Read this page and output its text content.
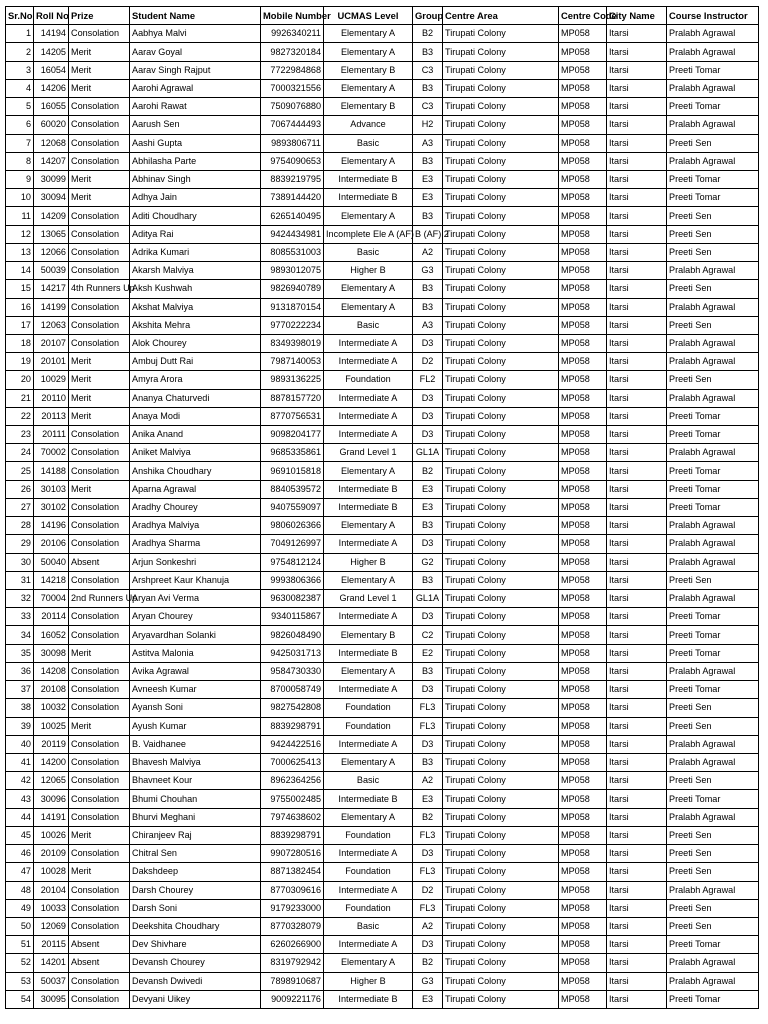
Sr.No	Roll No	Prize	Student Name	Mobile Number	UCMAS Level	Group	Centre Area	Centre Code	City Name	Course Instructor
1	14194	Consolation	Aabhya Malvi	9926340211	Elementary A	B2	Tirupati Colony	MP058	Itarsi	Pralabh Agrawal
2	14205	Merit	Aarav Goyal	9827320184	Elementary A	B3	Tirupati Colony	MP058	Itarsi	Pralabh Agrawal
3	16054	Merit	Aarav Singh Rajput	7722984868	Elementary B	C3	Tirupati Colony	MP058	Itarsi	Preeti Tomar
4	14206	Merit	Aarohi Agrawal	7000321556	Elementary A	B3	Tirupati Colony	MP058	Itarsi	Pralabh Agrawal
5	16055	Consolation	Aarohi Rawat	7509076880	Elementary B	C3	Tirupati Colony	MP058	Itarsi	Preeti Tomar
6	60020	Consolation	Aarush Sen	7067444493	Advance	H2	Tirupati Colony	MP058	Itarsi	Pralabh Agrawal
7	12068	Consolation	Aashi Gupta	9893806711	Basic	A3	Tirupati Colony	MP058	Itarsi	Preeti Sen
8	14207	Consolation	Abhilasha Parte	9754090653	Elementary A	B3	Tirupati Colony	MP058	Itarsi	Pralabh Agrawal
9	30099	Merit	Abhinav Singh	8839219795	Intermediate B	E3	Tirupati Colony	MP058	Itarsi	Preeti Tomar
10	30094	Merit	Adhya Jain	7389144420	Intermediate B	E3	Tirupati Colony	MP058	Itarsi	Preeti Tomar
11	14209	Consolation	Aditi Choudhary	6265140495	Elementary A	B3	Tirupati Colony	MP058	Itarsi	Preeti Sen
12	13065	Consolation	Aditya Rai	9424434981	Incomplete Ele A (AF)	B (AF) 2	Tirupati Colony	MP058	Itarsi	Preeti Sen
13	12066	Consolation	Adrika Kumari	8085531003	Basic	A2	Tirupati Colony	MP058	Itarsi	Preeti Sen
14	50039	Consolation	Akarsh Malviya	9893012075	Higher B	G3	Tirupati Colony	MP058	Itarsi	Pralabh Agrawal
15	14217	4th Runners Up	Aksh Kushwah	9826940789	Elementary A	B3	Tirupati Colony	MP058	Itarsi	Preeti Sen
16	14199	Consolation	Akshat Malviya	9131870154	Elementary A	B3	Tirupati Colony	MP058	Itarsi	Pralabh Agrawal
17	12063	Consolation	Akshita Mehra	9770222234	Basic	A3	Tirupati Colony	MP058	Itarsi	Preeti Sen
18	20107	Consolation	Alok Chourey	8349398019	Intermediate A	D3	Tirupati Colony	MP058	Itarsi	Pralabh Agrawal
19	20101	Merit	Ambuj Dutt Rai	7987140053	Intermediate A	D2	Tirupati Colony	MP058	Itarsi	Pralabh Agrawal
20	10029	Merit	Amyra Arora	9893136225	Foundation	FL2	Tirupati Colony	MP058	Itarsi	Preeti Sen
21	20110	Merit	Ananya Chaturvedi	8878157720	Intermediate A	D3	Tirupati Colony	MP058	Itarsi	Pralabh Agrawal
22	20113	Merit	Anaya Modi	8770756531	Intermediate A	D3	Tirupati Colony	MP058	Itarsi	Preeti Tomar
23	20111	Consolation	Anika Anand	9098204177	Intermediate A	D3	Tirupati Colony	MP058	Itarsi	Preeti Tomar
24	70002	Consolation	Aniket Malviya	9685335861	Grand Level 1	GL1A	Tirupati Colony	MP058	Itarsi	Pralabh Agrawal
25	14188	Consolation	Anshika Choudhary	9691015818	Elementary A	B2	Tirupati Colony	MP058	Itarsi	Preeti Tomar
26	30103	Merit	Aparna Agrawal	8840539572	Intermediate B	E3	Tirupati Colony	MP058	Itarsi	Preeti Tomar
27	30102	Consolation	Aradhy Chourey	9407559097	Intermediate B	E3	Tirupati Colony	MP058	Itarsi	Preeti Tomar
28	14196	Consolation	Aradhya Malviya	9806026366	Elementary A	B3	Tirupati Colony	MP058	Itarsi	Pralabh Agrawal
29	20106	Consolation	Aradhya Sharma	7049126997	Intermediate A	D3	Tirupati Colony	MP058	Itarsi	Pralabh Agrawal
30	50040	Absent	Arjun Sonkeshri	9754812124	Higher B	G2	Tirupati Colony	MP058	Itarsi	Pralabh Agrawal
31	14218	Consolation	Arshpreet Kaur Khanuja	9993806366	Elementary A	B3	Tirupati Colony	MP058	Itarsi	Preeti Sen
32	70004	2nd Runners Up	Aryan Avi Verma	9630082387	Grand Level 1	GL1A	Tirupati Colony	MP058	Itarsi	Pralabh Agrawal
33	20114	Consolation	Aryan Chourey	9340115867	Intermediate A	D3	Tirupati Colony	MP058	Itarsi	Preeti Tomar
34	16052	Consolation	Aryavardhan Solanki	9826048490	Elementary B	C2	Tirupati Colony	MP058	Itarsi	Preeti Tomar
35	30098	Merit	Astitva Malonia	9425031713	Intermediate B	E2	Tirupati Colony	MP058	Itarsi	Preeti Tomar
36	14208	Consolation	Avika Agrawal	9584730330	Elementary A	B3	Tirupati Colony	MP058	Itarsi	Pralabh Agrawal
37	20108	Consolation	Avneesh Kumar	8700058749	Intermediate A	D3	Tirupati Colony	MP058	Itarsi	Preeti Tomar
38	10032	Consolation	Ayansh Soni	9827542808	Foundation	FL3	Tirupati Colony	MP058	Itarsi	Preeti Sen
39	10025	Merit	Ayush Kumar	8839298791	Foundation	FL3	Tirupati Colony	MP058	Itarsi	Preeti Sen
40	20119	Consolation	B. Vaidhanee	9424422516	Intermediate A	D3	Tirupati Colony	MP058	Itarsi	Pralabh Agrawal
41	14200	Consolation	Bhavesh Malviya	7000625413	Elementary A	B3	Tirupati Colony	MP058	Itarsi	Pralabh Agrawal
42	12065	Consolation	Bhavneet Kour	8962364256	Basic	A2	Tirupati Colony	MP058	Itarsi	Preeti Sen
43	30096	Consolation	Bhumi Chouhan	9755002485	Intermediate B	E3	Tirupati Colony	MP058	Itarsi	Preeti Tomar
44	14191	Consolation	Bhurvi Meghani	7974638602	Elementary A	B2	Tirupati Colony	MP058	Itarsi	Pralabh Agrawal
45	10026	Merit	Chiranjeev Raj	8839298791	Foundation	FL3	Tirupati Colony	MP058	Itarsi	Preeti Sen
46	20109	Consolation	Chitral Sen	9907280516	Intermediate A	D3	Tirupati Colony	MP058	Itarsi	Preeti Sen
47	10028	Merit	Dakshdeep	8871382454	Foundation	FL3	Tirupati Colony	MP058	Itarsi	Preeti Sen
48	20104	Consolation	Darsh Chourey	8770309616	Intermediate A	D2	Tirupati Colony	MP058	Itarsi	Pralabh Agrawal
49	10033	Consolation	Darsh Soni	9179233000	Foundation	FL3	Tirupati Colony	MP058	Itarsi	Preeti Sen
50	12069	Consolation	Deekshita Choudhary	8770328079	Basic	A2	Tirupati Colony	MP058	Itarsi	Preeti Sen
51	20115	Absent	Dev Shivhare	6260266900	Intermediate A	D3	Tirupati Colony	MP058	Itarsi	Preeti Tomar
52	14201	Absent	Devansh Chourey	8319792942	Elementary A	B2	Tirupati Colony	MP058	Itarsi	Pralabh Agrawal
53	50037	Consolation	Devansh Dwivedi	7898910687	Higher B	G3	Tirupati Colony	MP058	Itarsi	Pralabh Agrawal
54	30095	Consolation	Devyani Uikey	9009221176	Intermediate B	E3	Tirupati Colony	MP058	Itarsi	Preeti Tomar
